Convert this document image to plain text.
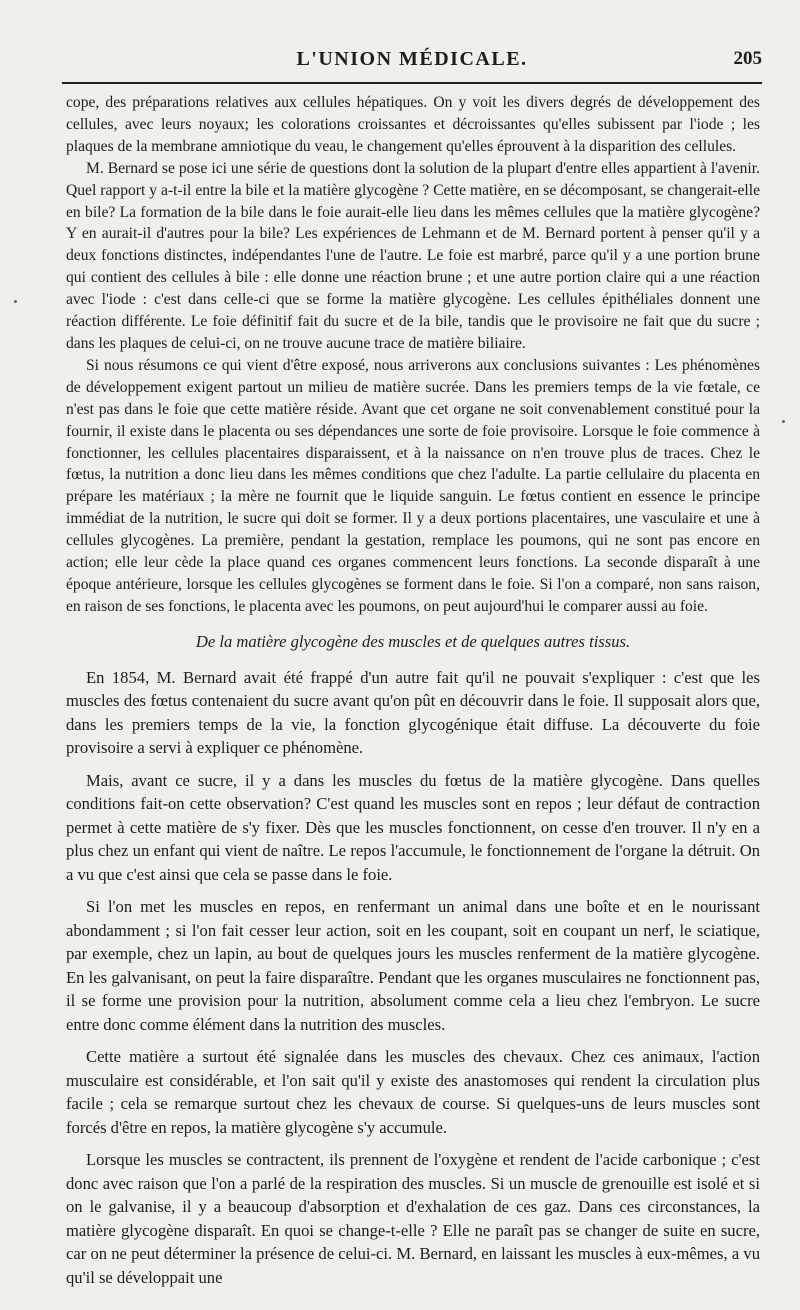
L'UNION MÉDICALE.	205

cope, des préparations relatives aux cellules hépatiques. On y voit les divers degrés de développement des cellules, avec leurs noyaux; les colorations croissantes et décroissantes qu'elles subissent par l'iode ; les plaques de la membrane amniotique du veau, le changement qu'elles éprouvent à la disparition des cellules.

M. Bernard se pose ici une série de questions dont la solution de la plupart d'entre elles appartient à l'avenir. Quel rapport y a-t-il entre la bile et la matière glycogène ? Cette matière, en se décomposant, se changerait-elle en bile? La formation de la bile dans le foie aurait-elle lieu dans les mêmes cellules que la matière glycogène? Y en aurait-il d'autres pour la bile? Les expériences de Lehmann et de M. Bernard portent à penser qu'il y a deux fonctions distinctes, indépendantes l'une de l'autre. Le foie est marbré, parce qu'il y a une portion brune qui contient des cellules à bile : elle donne une réaction brune ; et une autre portion claire qui a une réaction avec l'iode : c'est dans celle-ci que se forme la matière glycogène. Les cellules épithéliales donnent une réaction différente. Le foie définitif fait du sucre et de la bile, tandis que le provisoire ne fait que du sucre ; dans les plaques de celui-ci, on ne trouve aucune trace de matière biliaire.

Si nous résumons ce qui vient d'être exposé, nous arriverons aux conclusions suivantes : Les phénomènes de développement exigent partout un milieu de matière sucrée. Dans les premiers temps de la vie fœtale, ce n'est pas dans le foie que cette matière réside. Avant que cet organe ne soit convenablement constitué pour la fournir, il existe dans le placenta ou ses dépendances une sorte de foie provisoire. Lorsque le foie commence à fonctionner, les cellules placentaires disparaissent, et à la naissance on n'en trouve plus de traces. Chez le fœtus, la nutrition a donc lieu dans les mêmes conditions que chez l'adulte. La partie cellulaire du placenta en prépare les matériaux ; la mère ne fournit que le liquide sanguin. Le fœtus contient en essence le principe immédiat de la nutrition, le sucre qui doit se former. Il y a deux portions placentaires, une vasculaire et une à cellules glycogènes. La première, pendant la gestation, remplace les poumons, qui ne sont pas encore en action; elle leur cède la place quand ces organes commencent leurs fonctions. La seconde disparaît à une époque antérieure, lorsque les cellules glycogènes se forment dans le foie. Si l'on a comparé, non sans raison, en raison de ses fonctions, le placenta avec les poumons, on peut aujourd'hui le comparer aussi au foie.

De la matière glycogène des muscles et de quelques autres tissus.

En 1854, M. Bernard avait été frappé d'un autre fait qu'il ne pouvait s'expliquer : c'est que les muscles des fœtus contenaient du sucre avant qu'on pût en découvrir dans le foie. Il supposait alors que, dans les premiers temps de la vie, la fonction glycogénique était diffuse. La découverte du foie provisoire a servi à expliquer ce phénomène.

Mais, avant ce sucre, il y a dans les muscles du fœtus de la matière glycogène. Dans quelles conditions fait-on cette observation? C'est quand les muscles sont en repos ; leur défaut de contraction permet à cette matière de s'y fixer. Dès que les muscles fonctionnent, on cesse d'en trouver. Il n'y en a plus chez un enfant qui vient de naître. Le repos l'accumule, le fonctionnement de l'organe la détruit. On a vu que c'est ainsi que cela se passe dans le foie.

Si l'on met les muscles en repos, en renfermant un animal dans une boîte et en le nourissant abondamment ; si l'on fait cesser leur action, soit en les coupant, soit en coupant un nerf, le sciatique, par exemple, chez un lapin, au bout de quelques jours les muscles renferment de la matière glycogène. En les galvanisant, on peut la faire disparaître. Pendant que les organes musculaires ne fonctionnent pas, il se forme une provision pour la nutrition, absolument comme cela a lieu chez l'embryon. Le sucre entre donc comme élément dans la nutrition des muscles.

Cette matière a surtout été signalée dans les muscles des chevaux. Chez ces animaux, l'action musculaire est considérable, et l'on sait qu'il y existe des anastomoses qui rendent la circulation plus facile ; cela se remarque surtout chez les chevaux de course. Si quelques-uns de leurs muscles sont forcés d'être en repos, la matière glycogène s'y accumule.

Lorsque les muscles se contractent, ils prennent de l'oxygène et rendent de l'acide carbonique ; c'est donc avec raison que l'on a parlé de la respiration des muscles. Si un muscle de grenouille est isolé et si on le galvanise, il y a beaucoup d'absorption et d'exhalation de ces gaz. Dans ces circonstances, la matière glycogène disparaît. En quoi se change-t-elle ? Elle ne paraît pas se changer de suite en sucre, car on ne peut déterminer la présence de celui-ci. M. Bernard, en laissant les muscles à eux-mêmes, a vu qu'il se développait une
